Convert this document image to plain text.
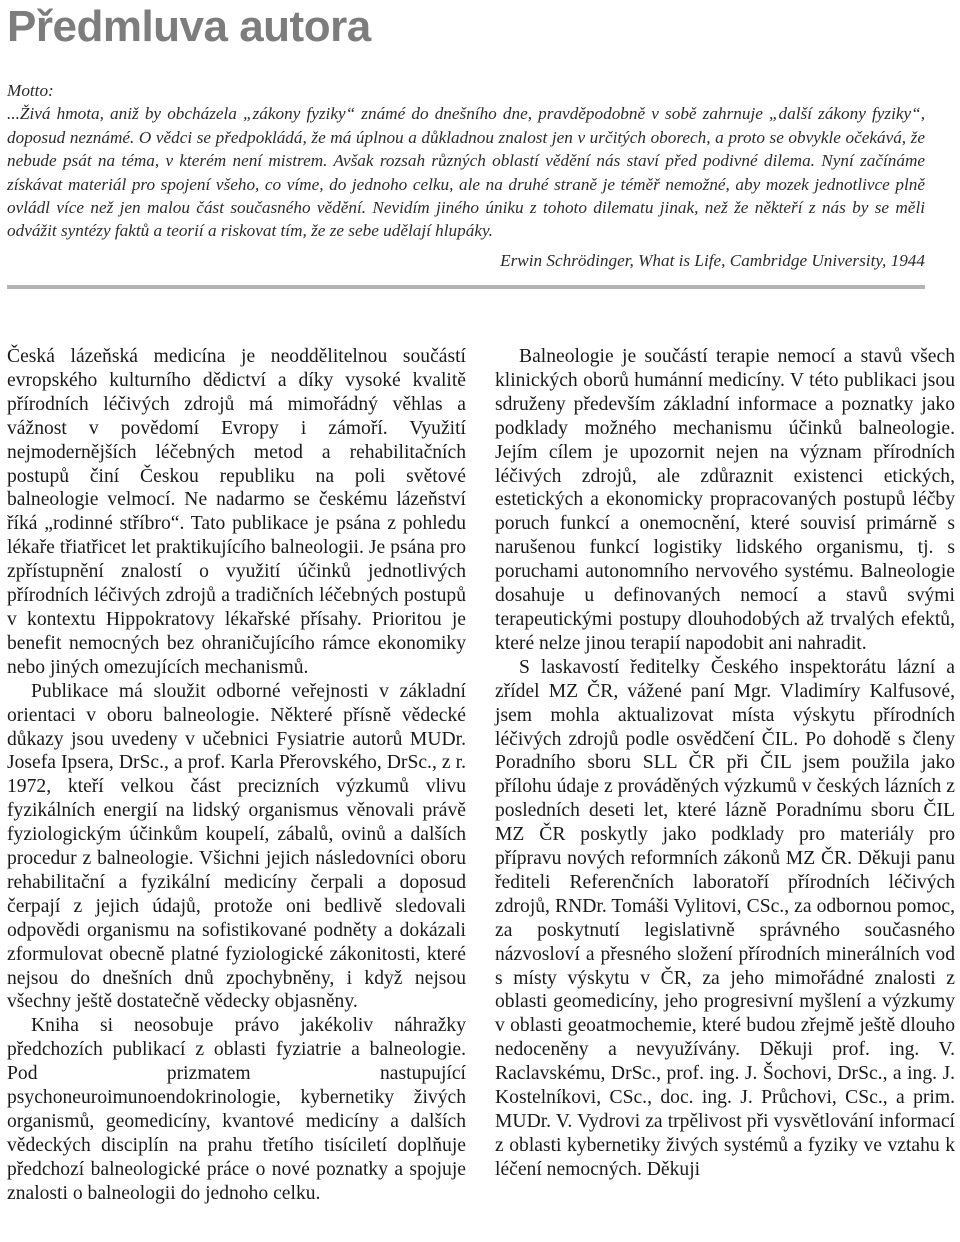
Předmluva autora

Motto:

...Živá hmota, aniž by obcházela „zákony fyziky“ známé do dnešního dne, pravděpodobně v sobě zahrnuje „další zákony fyziky“, doposud neznámé. O vědci se předpokládá, že má úplnou a důkladnou znalost jen v určitých oborech, a proto se obvykle očekává, že nebude psát na téma, v kterém není mistrem. Avšak rozsah různých oblastí vědění nás staví před podivné dilema. Nyní začínáme získávat materiál pro spojení všeho, co víme, do jednoho celku, ale na druhé straně je téměř nemožné, aby mozek jednotlivce plně ovládl více než jen malou část současného vědění. Nevidím jiného úniku z tohoto dilematu jinak, než že někteří z nás by se měli odvážit syntézy faktů a teorií a riskovat tím, že ze sebe udělají hlupáky.

Erwin Schrödinger, What is Life, Cambridge University, 1944

Česká lázeňská medicína je neoddělitelnou součástí evropského kulturního dědictví a díky vysoké kvalitě přírodních léčivých zdrojů má mimořádný věhlas a vážnost v povědomí Evropy i zámoří. Využití nejmodernějších léčebných metod a rehabilitačních postupů činí Českou republiku na poli světové balneologie velmocí. Ne nadarmo se českému lázeňství říká „rodinné stříbro“. Tato publikace je psána z pohledu lékaře třiatřicet let praktikujícího balneologii. Je psána pro zpřístupnění znalostí o využití účinků jednotlivých přírodních léčivých zdrojů a tradičních léčebných postupů v kontextu Hippokratovy lékařské přísahy. Prioritou je benefit nemocných bez ohraničujícího rámce ekonomiky nebo jiných omezujících mechanismů.

Publikace má sloužit odborné veřejnosti v základní orientaci v oboru balneologie. Některé přísně vědecké důkazy jsou uvedeny v učebnici Fysiatrie autorů MUDr. Josefa Ipsera, DrSc., a prof. Karla Přerovského, DrSc., z r. 1972, kteří velkou část precizních výzkumů vlivu fyzikálních energií na lidský organismus věnovali právě fyziologickým účinkům koupelí, zábalů, ovinů a dalších procedur z balneologie. Všichni jejich následovníci oboru rehabilitační a fyzikální medicíny čerpali a doposud čerpají z jejich údajů, protože oni bedlivě sledovali odpovědi organismu na sofistikované podněty a dokázali zformulovat obecně platné fyziologické zákonitosti, které nejsou do dnešních dnů zpochybněny, i když nejsou všechny ještě dostatečně vědecky objasněny.

Kniha si neosobuje právo jakékoliv náhražky předchozích publikací z oblasti fyziatrie a balneologie. Pod prizmatem nastupující psychoneuroimunoendokrinologie, kybernetiky živých organismů, geomedicíny, kvantové medicíny a dalších vědeckých disciplín na prahu třetího tisíciletí doplňuje předchozí balneologické práce o nové poznatky a spojuje znalosti o balneologii do jednoho celku.

Balneologie je součástí terapie nemocí a stavů všech klinických oborů humánní medicíny. V této publikaci jsou sdruženy především základní informace a poznatky jako podklady možného mechanismu účinků balneologie. Jejím cílem je upozornit nejen na význam přírodních léčivých zdrojů, ale zdůraznit existenci etických, estetických a ekonomicky propracovaných postupů léčby poruch funkcí a onemocnění, které souvisí primárně s narušenou funkcí logistiky lidského organismu, tj. s poruchami autonomního nervového systému. Balneologie dosahuje u definovaných nemocí a stavů svými terapeutickými postupy dlouhodobých až trvalých efektů, které nelze jinou terapií napodobit ani nahradit.

S laskavostí ředitelky Českého inspektorátu lázní a zřídel MZ ČR, vážené paní Mgr. Vladimíry Kalfusové, jsem mohla aktualizovat místa výskytu přírodních léčivých zdrojů podle osvědčení ČIL. Po dohodě s členy Poradního sboru SLL ČR při ČIL jsem použila jako přílohu údaje z prováděných výzkumů v českých lázních z posledních deseti let, které lázně Poradnímu sboru ČIL MZ ČR poskytly jako podklady pro materiály pro přípravu nových reformních zákonů MZ ČR. Děkuji panu řediteli Referenčních laboratoří přírodních léčivých zdrojů, RNDr. Tomáši Vylitovi, CSc., za odbornou pomoc, za poskytnutí legislativně správného současného názvosloví a přesného složení přírodních minerálních vod s místy výskytu v ČR, za jeho mimořádné znalosti z oblasti geomedicíny, jeho progresivní myšlení a výzkumy v oblasti geoatmochemie, které budou zřejmě ještě dlouho nedoceněny a nevyužívány. Děkuji prof. ing. V. Raclavskému, DrSc., prof. ing. J. Šochovi, DrSc., a ing. J. Kostelníkovi, CSc., doc. ing. J. Průchovi, CSc., a prim. MUDr. V. Vydrovi za trpělivost při vysvětlování informací z oblasti kybernetiky živých systémů a fyziky ve vztahu k léčení nemocných. Děkuji
